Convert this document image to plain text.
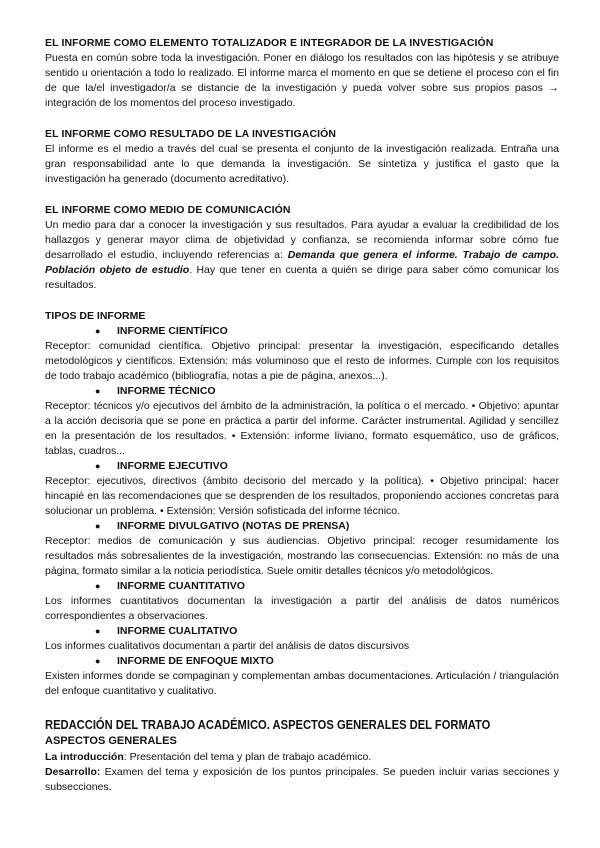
EL INFORME COMO ELEMENTO TOTALIZADOR E INTEGRADOR DE LA INVESTIGACIÓN

Puesta en común sobre toda la investigación. Poner en diálogo los resultados con las hipótesis y se atribuye sentido u orientación a todo lo realizado. El informe marca el momento en que se detiene el proceso con el fin de que la/el investigador/a se distancie de la investigación y pueda volver sobre sus propios pasos → integración de los momentos del proceso investigado.

EL INFORME COMO RESULTADO DE LA INVESTIGACIÓN

El informe es el medio a través del cual se presenta el conjunto de la investigación realizada. Entraña una gran responsabilidad ante lo que demanda la investigación. Se sintetiza y justifica el gasto que la investigación ha generado (documento acreditativo).

EL INFORME COMO MEDIO DE COMUNICACIÓN

Un medio para dar a conocer la investigación y sus resultados. Para ayudar a evaluar la credibilidad de los hallazgos y generar mayor clima de objetividad y confianza, se recomienda informar sobre cómo fue desarrollado el estudio, incluyendo referencias a: Demanda que genera el informe. Trabajo de campo. Población objeto de estudio. Hay que tener en cuenta a quién se dirige para saber cómo comunicar los resultados.

TIPOS DE INFORME
●	INFORME CIENTÍFICO

Receptor: comunidad científica. Objetivo principal: presentar la investigación, especificando detalles metodológicos y científicos. Extensión: más voluminoso que el resto de informes. Cumple con los requisitos de todo trabajo académico (bibliografía, notas a pie de página, anexos...).

●	INFORME TÉCNICO

Receptor: técnicos y/o ejecutivos del ámbito de la administración, la política o el mercado. • Objetivo: apuntar a la acción decisoria que se pone en práctica a partir del informe. Carácter instrumental. Agilidad y sencillez en la presentación de los resultados. • Extensión: informe liviano, formato esquemático, uso de gráficos, tablas, cuadros...

●	INFORME EJECUTIVO

Receptor: ejecutivos, directivos (ámbito decisorio del mercado y la política). • Objetivo principal: hacer hincapié en las recomendaciones que se desprenden de los resultados, proponiendo acciones concretas para solucionar un problema. • Extensión: Versión sofisticada del informe técnico.

●	INFORME DIVULGATIVO (NOTAS DE PRENSA)

Receptor: medios de comunicación y sus audiencias. Objetivo principal: recoger resumidamente los resultados más sobresalientes de la investigación, mostrando las consecuencias. Extensión: no más de una página, formato similar a la noticia periodística. Suele omitir detalles técnicos y/o metodológicos.

●	INFORME CUANTITATIVO

Los informes cuantitativos documentan la investigación a partir del análisis de datos numéricos correspondientes a observaciones.

●	INFORME CUALITATIVO

Los informes cualitativos documentan a partir del análisis de datos discursivos

●	INFORME DE ENFOQUE MIXTO

Existen informes donde se compaginan y complementan ambas documentaciones. Articulación / triangulación del enfoque cuantitativo y cualitativo.

REDACCIÓN DEL TRABAJO ACADÉMICO. ASPECTOS GENERALES DEL FORMATO
ASPECTOS GENERALES

La introducción: Presentación del tema y plan de trabajo académico.

Desarrollo: Examen del tema y exposición de los puntos principales. Se pueden incluir varias secciones y subsecciones.
